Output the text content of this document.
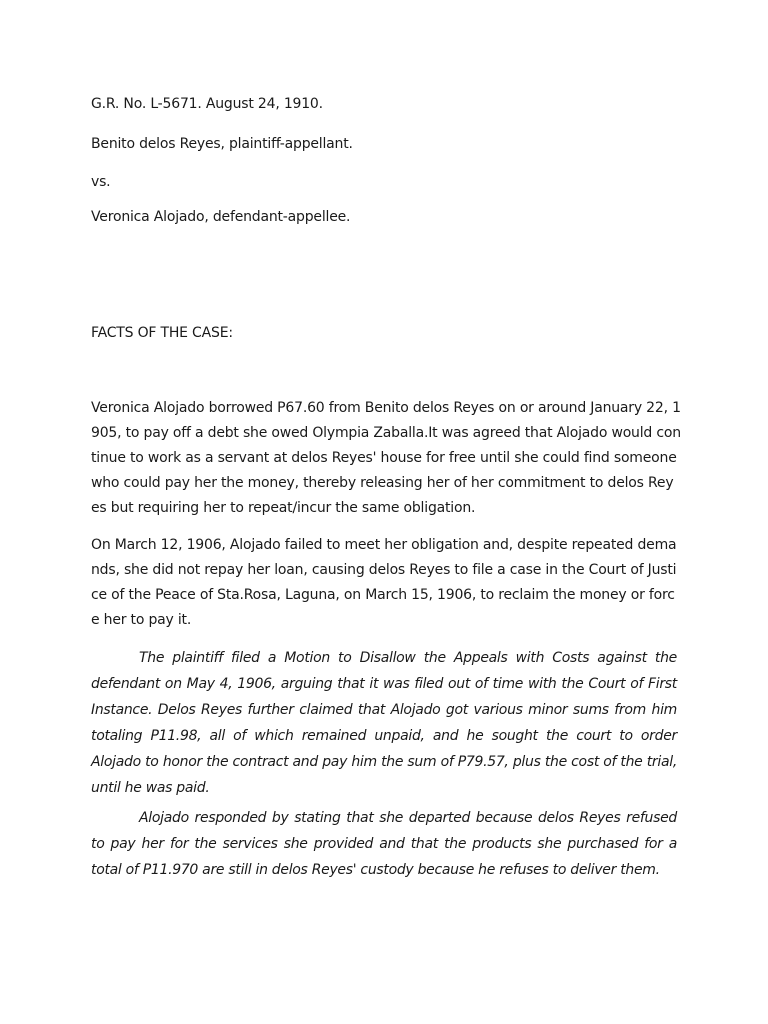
G.R. No. L-5671. August 24, 1910.
Benito delos Reyes, plaintiff-appellant.
vs.
Veronica Alojado, defendant-appellee.
FACTS OF THE CASE:
Veronica Alojado borrowed P67.60 from Benito delos Reyes on or around January 22, 1905, to pay off a debt she owed Olympia Zaballa.It was agreed that Alojado would continue to work as a servant at delos Reyes' house for free until she could find someone who could pay her the money, thereby releasing her of her commitment to delos Reyes but requiring her to repeat/incur the same obligation.
On March 12, 1906, Alojado failed to meet her obligation and, despite repeated demands, she did not repay her loan, causing delos Reyes to file a case in the Court of Justice of the Peace of Sta.Rosa, Laguna, on March 15, 1906, to reclaim the money or force her to pay it.
The plaintiff filed a Motion to Disallow the Appeals with Costs against the defendant on May 4, 1906, arguing that it was filed out of time with the Court of First Instance. Delos Reyes further claimed that Alojado got various minor sums from him totaling P11.98, all of which remained unpaid, and he sought the court to order Alojado to honor the contract and pay him the sum of P79.57, plus the cost of the trial, until he was paid.
Alojado responded by stating that she departed because delos Reyes refused to pay her for the services she provided and that the products she purchased for a total of P11.970 are still in delos Reyes' custody because he refuses to deliver them.
